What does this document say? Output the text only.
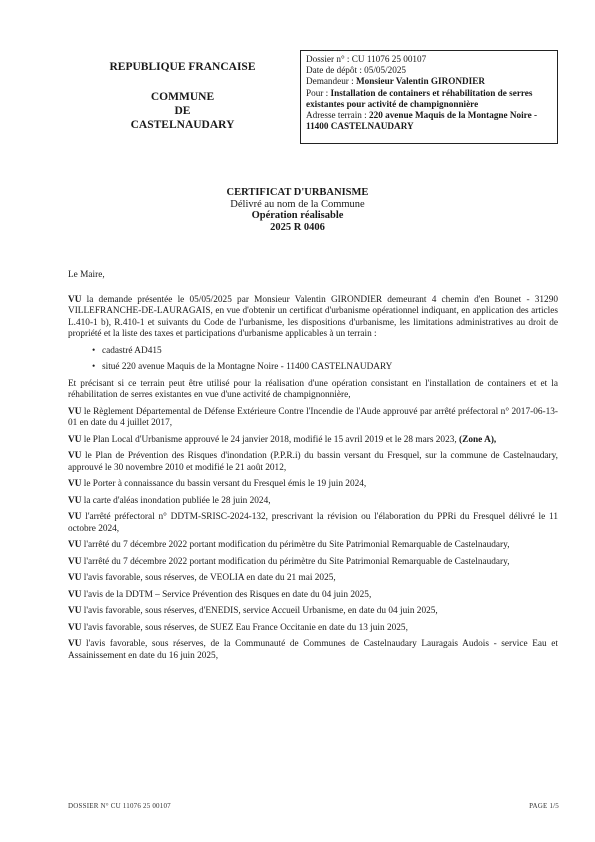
REPUBLIQUE FRANCAISE
COMMUNE
DE
CASTELNAUDARY
Dossier n° : CU 11076 25 00107
Date de dépôt : 05/05/2025
Demandeur : Monsieur Valentin GIRONDIER
Pour : Installation de containers et réhabilitation de serres existantes pour activité de champignonnière
Adresse terrain : 220 avenue Maquis de la Montagne Noire - 11400 CASTELNAUDARY
CERTIFICAT D'URBANISME
Délivré au nom de la Commune
Opération réalisable
2025 R 0406

Le Maire,

VU la demande présentée le 05/05/2025 par Monsieur Valentin GIRONDIER demeurant 4 chemin d'en Bounet - 31290 VILLEFRANCHE-DE-LAURAGAIS, en vue d'obtenir un certificat d'urbanisme opérationnel indiquant, en application des articles L.410-1 b), R.410-1 et suivants du Code de l'urbanisme, les dispositions d'urbanisme, les limitations administratives au droit de propriété et la liste des taxes et participations d'urbanisme applicables à un terrain :

• cadastré AD415

• situé 220 avenue Maquis de la Montagne Noire - 11400 CASTELNAUDARY

Et précisant si ce terrain peut être utilisé pour la réalisation d'une opération consistant en l'installation de containers et et la réhabilitation de serres existantes en vue d'une activité de champignonnière,

VU le Règlement Départemental de Défense Extérieure Contre l'Incendie de l'Aude approuvé par arrêté préfectoral n° 2017-06-13-01 en date du 4 juillet 2017,

VU le Plan Local d'Urbanisme approuvé le 24 janvier 2018, modifié le 15 avril 2019 et le 28 mars 2023, (Zone A),

VU le Plan de Prévention des Risques d'inondation (P.P.R.i) du bassin versant du Fresquel, sur la commune de Castelnaudary, approuvé le 30 novembre 2010 et modifié le 21 août 2012,

VU le Porter à connaissance du bassin versant du Fresquel émis le 19 juin 2024,

VU la carte d'aléas inondation publiée le 28 juin 2024,

VU l'arrêté préfectoral n° DDTM-SRISC-2024-132, prescrivant la révision ou l'élaboration du PPRi du Fresquel délivré le 11 octobre 2024,

VU l'arrêté du 7 décembre 2022 portant modification du périmètre du Site Patrimonial Remarquable de Castelnaudary,

VU l'arrêté du 7 décembre 2022 portant modification du périmètre du Site Patrimonial Remarquable de Castelnaudary,

VU l'avis favorable, sous réserves, de VEOLIA en date du 21 mai 2025,

VU l'avis de la DDTM – Service Prévention des Risques en date du 04 juin 2025,

VU l'avis favorable, sous réserves, d'ENEDIS, service Accueil Urbanisme, en date du 04 juin 2025,

VU l'avis favorable, sous réserves, de SUEZ Eau France Occitanie en date du 13 juin 2025,

VU l'avis favorable, sous réserves, de la Communauté de Communes de Castelnaudary Lauragais Audois - service Eau et Assainissement en date du 16 juin 2025,

DOSSIER N° CU 11076 25 00107	PAGE 1/5
